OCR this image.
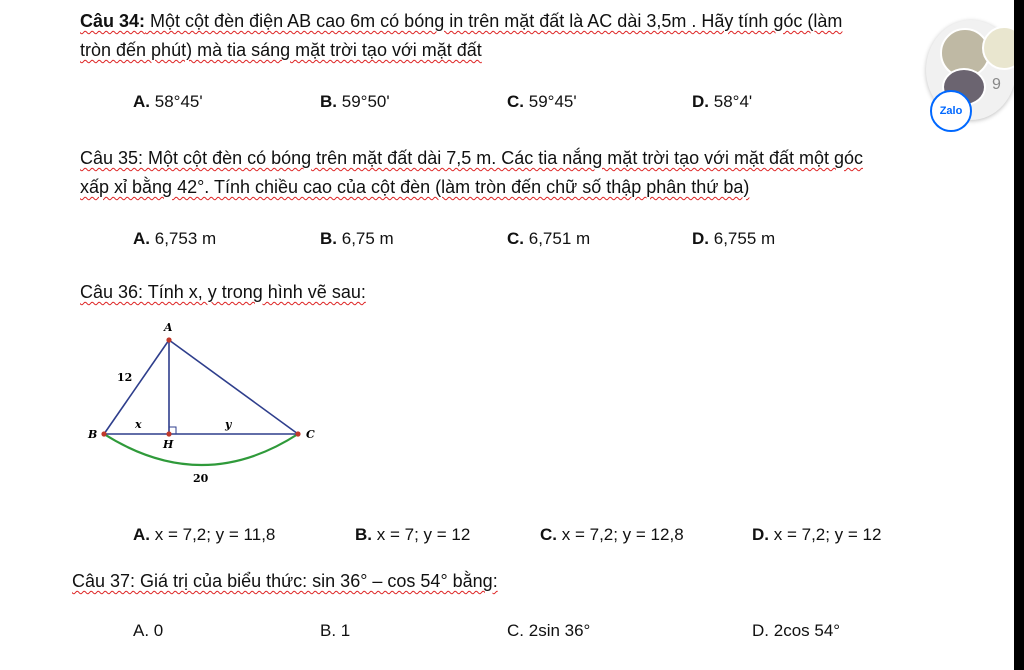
Câu 34: Một cột đèn điện AB cao 6m có bóng in trên mặt đất là AC dài 3,5m . Hãy tính góc (làm
tròn đến phút) mà tia sáng mặt trời tạo với mặt đất
A. 58°45'	B. 59°50'	C. 59°45'	D. 58°4'
Câu 35: Một cột đèn có bóng trên mặt đất dài 7,5 m. Các tia nắng mặt trời tạo với mặt đất một góc
xấp xỉ bằng 42°. Tính chiều cao của cột đèn (làm tròn đến chữ số thập phân thứ ba)
A. 6,753 m	B. 6,75 m	C. 6,751 m	D. 6,755 m
Câu 36: Tính x, y trong hình vẽ sau:
A
B	C
H
12
x	y
20
A. x = 7,2; y = 11,8	B. x = 7; y = 12	C. x = 7,2; y = 12,8	D. x = 7,2; y = 12
Câu 37: Giá trị của biểu thức: sin 36° – cos 54° bằng:
A. 0	B. 1	C. 2sin 36°	D. 2cos 54°
9
Zalo
